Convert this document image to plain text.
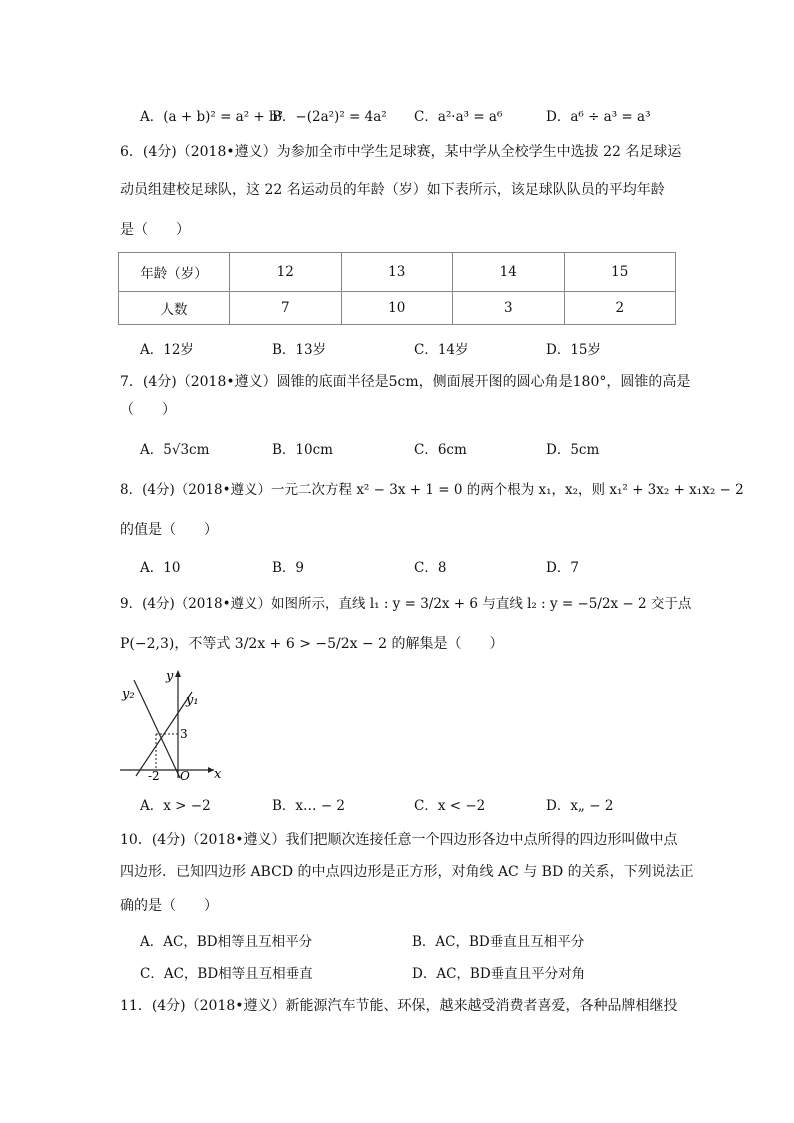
A．(a + b)² = a² + b²
B．−(2a²)² = 4a² C．a²·a³ = a⁶	D．a⁶ ÷ a³ = a³
6．(4分)（2018•遵义）为参加全市中学生足球赛，某中学从全校学生中选拔 22 名足球运
动员组建校足球队，这 22 名运动员的年龄（岁）如下表所示，该足球队队员的平均年龄
是（　　）
年龄（岁）	12	13	14	15
人数	7	10	3	2
A．12岁	B．13岁	C．14岁	D．15岁
7．(4分)（2018•遵义）圆锥的底面半径是5cm，侧面展开图的圆心角是180°，圆锥的高是
（　　）
A．5√3cm	B．10cm	C．6cm	D．5cm
8．(4分)（2018•遵义）一元二次方程 x² − 3x + 1 = 0 的两个根为 x₁，x₂，则 x₁² + 3x₂ + x₁x₂ − 2
的值是（　　）
A．10	B．9	C．8	D．7
9．(4分)（2018•遵义）如图所示，直线 l₁ : y = 3/2x + 6 与直线 l₂ : y = −5/2x − 2 交于点
P(−2,3)，不等式 3/2x + 6 > −5/2x − 2 的解集是（　　）
y
x
y₁
y₂
3
-2 O
A．x > −2	B．x… − 2	C．x < −2	D．x„ − 2
10．(4分)（2018•遵义）我们把顺次连接任意一个四边形各边中点所得的四边形叫做中点
四边形．已知四边形 ABCD 的中点四边形是正方形，对角线 AC 与 BD 的关系，下列说法正
确的是（　　）
A．AC，BD相等且互相平分	B．AC，BD垂直且互相平分
C．AC，BD相等且互相垂直	D．AC，BD垂直且平分对角
11．(4分)（2018•遵义）新能源汽车节能、环保，越来越受消费者喜爱，各种品牌相继投
